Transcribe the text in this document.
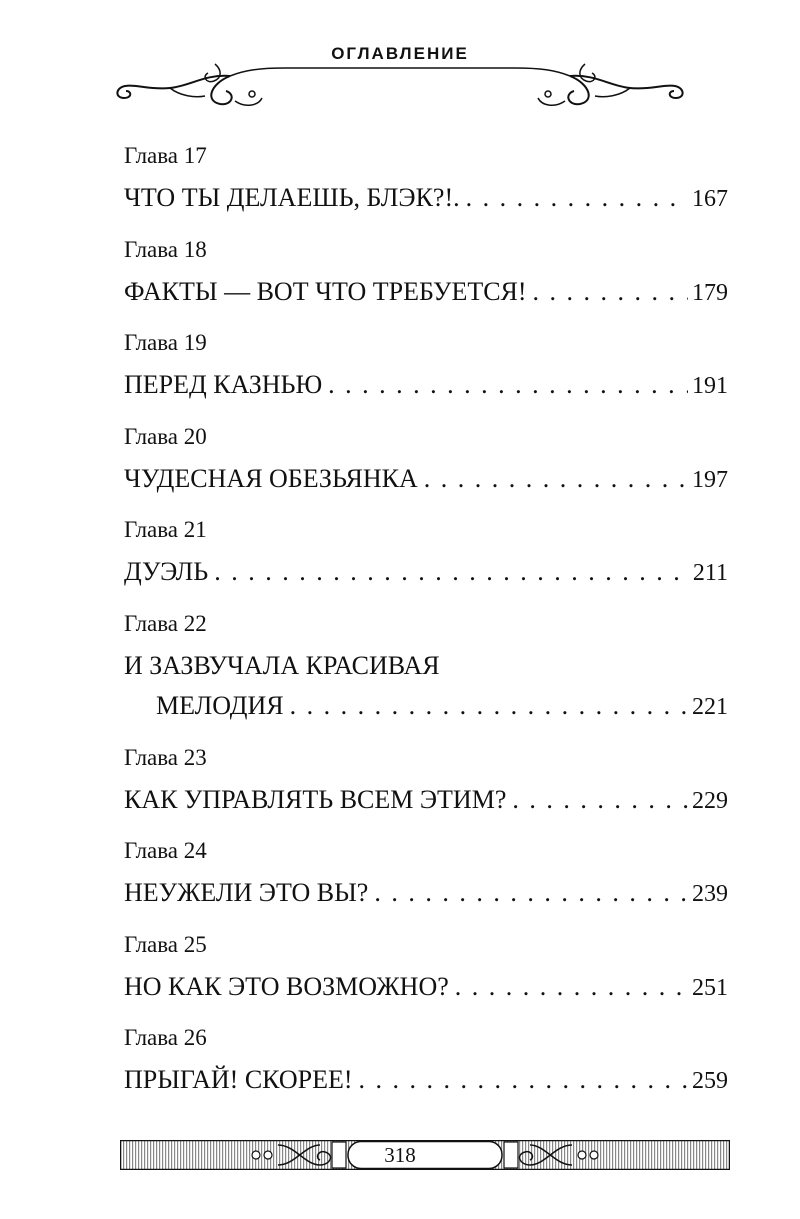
ОГЛАВЛЕНИЕ
Глава 17
ЧТО ТЫ ДЕЛАЕШЬ, БЛЭК?!. . . .	167
Глава 18
ФАКТЫ — ВОТ ЧТО ТРЕБУЕТСЯ! . . .	179
Глава 19
ПЕРЕД КАЗНЬЮ . . .	191
Глава 20
ЧУДЕСНАЯ ОБЕЗЬЯНКА . . .	197
Глава 21
ДУЭЛЬ . . .	211
Глава 22
И ЗАЗВУЧАЛА КРАСИВАЯ
МЕЛОДИЯ . . .	221
Глава 23
КАК УПРАВЛЯТЬ ВСЕМ ЭТИМ? . . .	229
Глава 24
НЕУЖЕЛИ ЭТО ВЫ? . . .	239
Глава 25
НО КАК ЭТО ВОЗМОЖНО? . . .	251
Глава 26
ПРЫГАЙ! СКОРЕЕ! . . .	259
318
